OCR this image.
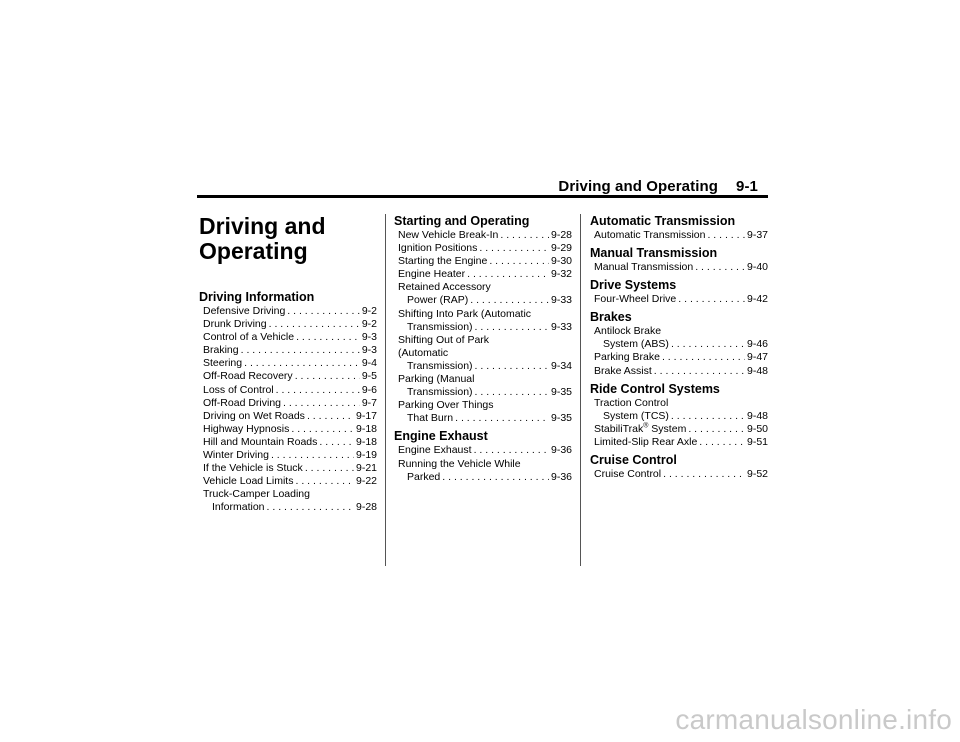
Driving and Operating 9-1
Driving and
Operating
Driving Information
Defensive Driving . . .	9-2
Drunk Driving . . .	9-2
Control of a Vehicle . . .	9-3
Braking . . .	9-3
Steering . . .	9-4
Off-Road Recovery . . .	9-5
Loss of Control . . .	9-6
Off-Road Driving . . .	9-7
Driving on Wet Roads . . .	9-17
Highway Hypnosis . . .	9-18
Hill and Mountain Roads . . .	9-18
Winter Driving . . .	9-19
If the Vehicle is Stuck . . .	9-21
Vehicle Load Limits . . .	9-22
Truck-Camper Loading
Information . . .	9-28
Starting and Operating
New Vehicle Break-In . . .	9-28
Ignition Positions . . .	9-29
Starting the Engine . . .	9-30
Engine Heater . . .	9-32
Retained Accessory
Power (RAP) . . .	9-33
Shifting Into Park (Automatic
Transmission) . . .	9-33
Shifting Out of Park
(Automatic
Transmission) . . .	9-34
Parking (Manual
Transmission) . . .	9-35
Parking Over Things
That Burn . . .	9-35
Engine Exhaust
Engine Exhaust . . .	9-36
Running the Vehicle While
Parked . . .	9-36
Automatic Transmission
Automatic Transmission . . .	9-37
Manual Transmission
Manual Transmission . . .	9-40
Drive Systems
Four-Wheel Drive . . .	9-42
Brakes
Antilock Brake
System (ABS) . . .	9-46
Parking Brake . . .	9-47
Brake Assist . . .	9-48
Ride Control Systems
Traction Control
System (TCS) . . .	9-48
StabiliTrak® System . . .	9-50
Limited-Slip Rear Axle . . .	9-51
Cruise Control
Cruise Control . . .	9-52
carmanualsonline.info
